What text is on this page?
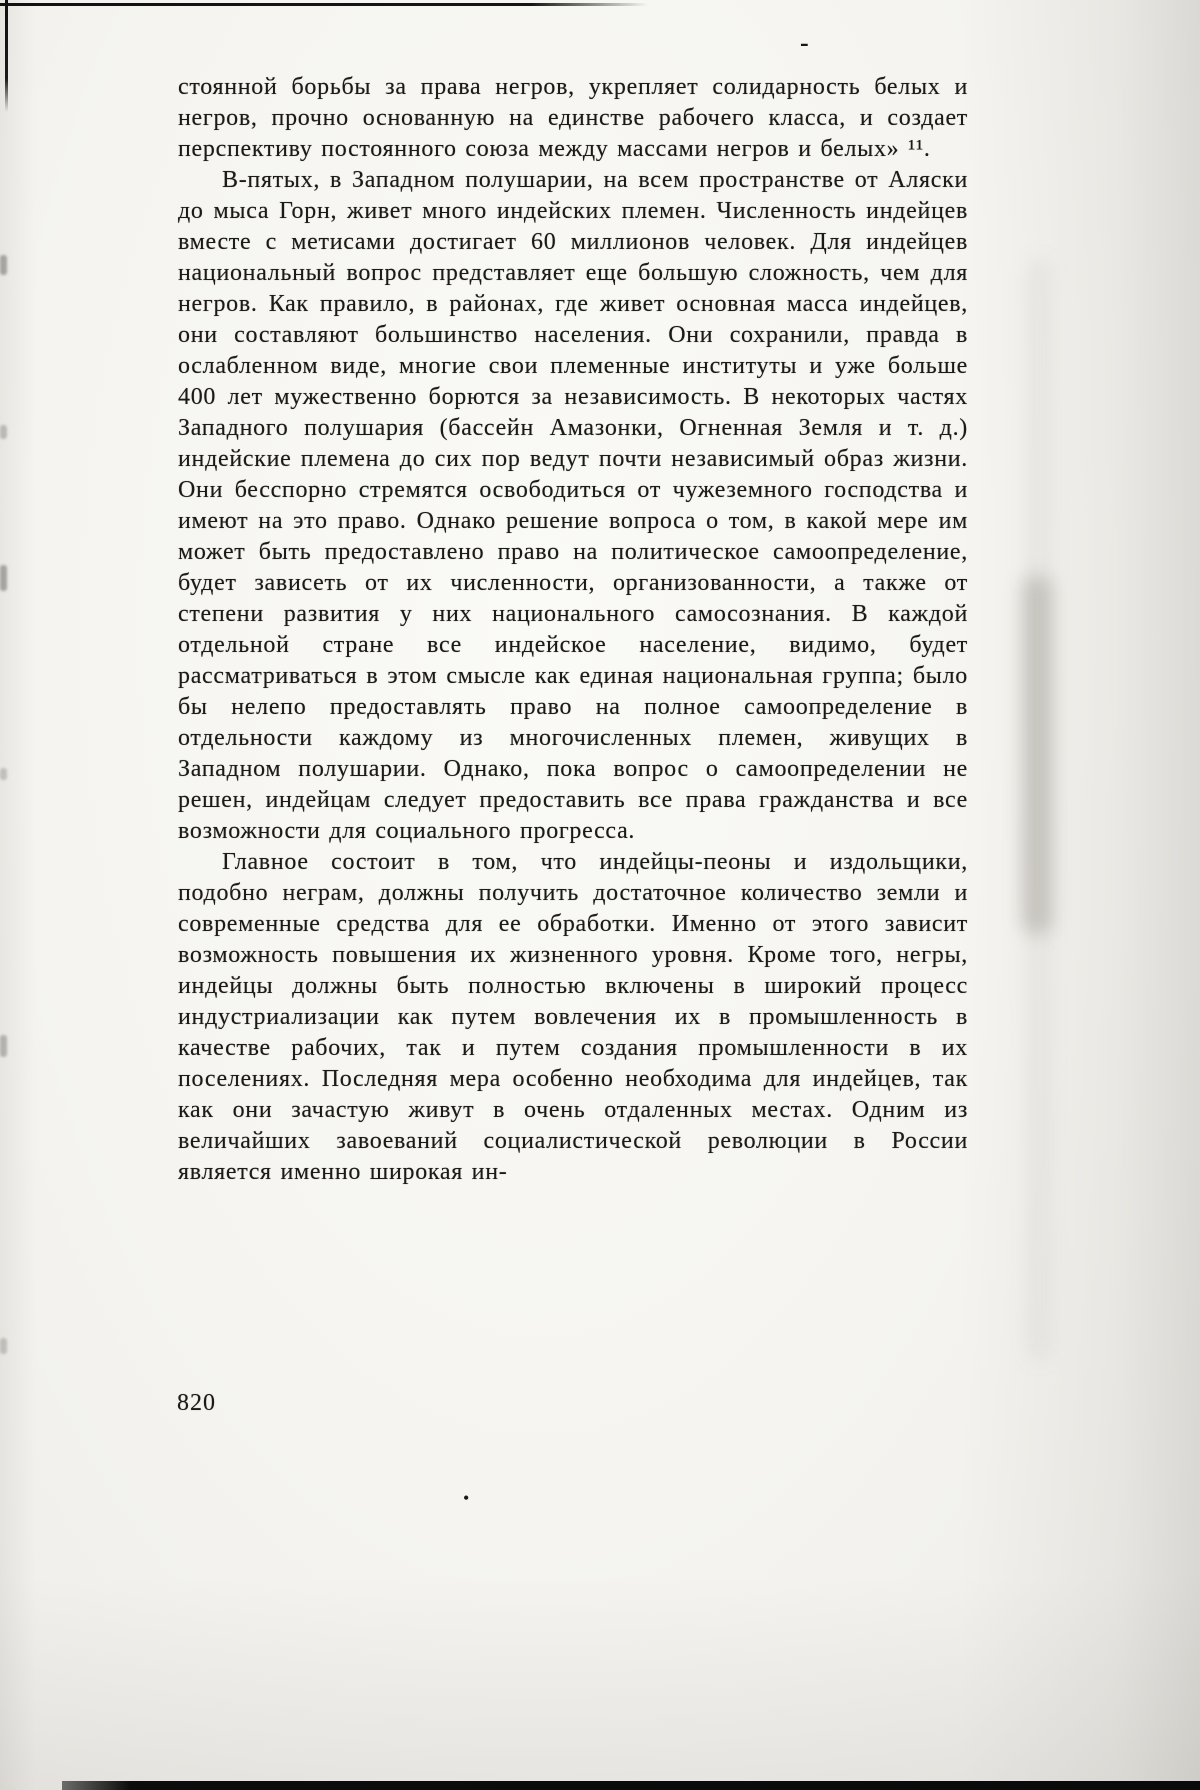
-
•

стоянной борьбы за права негров, укрепляет солидарность белых и негров, прочно основанную на единстве рабочего класса, и создает перспективу постоянного союза между массами негров и белых» ¹¹.

В-пятых, в Западном полушарии, на всем пространстве от Аляски до мыса Горн, живет много индейских племен. Численность индейцев вместе с метисами достигает 60 миллионов человек. Для индейцев национальный вопрос представляет еще большую сложность, чем для негров. Как правило, в районах, где живет основная масса индейцев, они составляют большинство населения. Они сохранили, правда в ослабленном виде, многие свои племенные институты и уже больше 400 лет мужественно борются за независимость. В некоторых частях Западного полушария (бассейн Амазонки, Огненная Земля и т. д.) индейские племена до сих пор ведут почти независимый образ жизни. Они бесспорно стремятся освободиться от чужеземного господства и имеют на это право. Однако решение вопроса о том, в какой мере им может быть предоставлено право на политическое самоопределение, будет зависеть от их численности, организованности, а также от степени развития у них национального самосознания. В каждой отдельной стране все индейское население, видимо, будет рассматриваться в этом смысле как единая национальная группа; было бы нелепо предоставлять право на полное самоопределение в отдельности каждому из многочисленных племен, живущих в Западном полушарии. Однако, пока вопрос о самоопределении не решен, индейцам следует предоставить все права гражданства и все возможности для социального прогресса.

Главное состоит в том, что индейцы-пеоны и издольщики, подобно неграм, должны получить достаточное количество земли и современные средства для ее обработки. Именно от этого зависит возможность повышения их жизненного уровня. Кроме того, негры, индейцы должны быть полностью включены в широкий процесс индустриализации как путем вовлечения их в промышленность в качестве рабочих, так и путем создания промышленности в их поселениях. Последняя мера особенно необходима для индейцев, так как они зачастую живут в очень отдаленных местах. Одним из величайших завоеваний социалистической революции в России является именно широкая ин-

820
